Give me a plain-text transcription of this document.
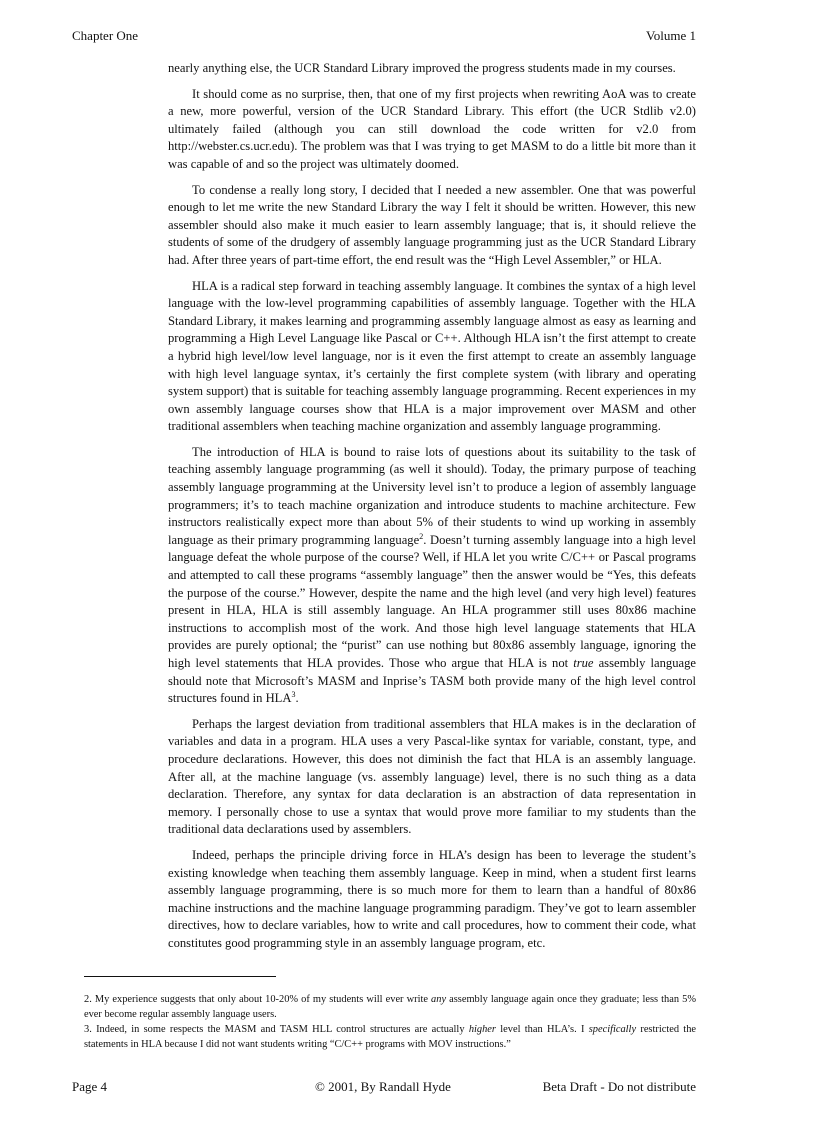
Chapter One	Volume 1

nearly anything else, the UCR Standard Library improved the progress students made in my courses.

It should come as no surprise, then, that one of my first projects when rewriting AoA was to create a new, more powerful, version of the UCR Standard Library. This effort (the UCR Stdlib v2.0) ultimately failed (although you can still download the code written for v2.0 from http://webster.cs.ucr.edu). The problem was that I was trying to get MASM to do a little bit more than it was capable of and so the project was ultimately doomed.

To condense a really long story, I decided that I needed a new assembler. One that was powerful enough to let me write the new Standard Library the way I felt it should be written. However, this new assembler should also make it much easier to learn assembly language; that is, it should relieve the students of some of the drudgery of assembly language programming just as the UCR Standard Library had. After three years of part-time effort, the end result was the “High Level Assembler,” or HLA.

HLA is a radical step forward in teaching assembly language. It combines the syntax of a high level language with the low-level programming capabilities of assembly language. Together with the HLA Standard Library, it makes learning and programming assembly language almost as easy as learning and programming a High Level Language like Pascal or C++. Although HLA isn’t the first attempt to create a hybrid high level/low level language, nor is it even the first attempt to create an assembly language with high level language syntax, it’s certainly the first complete system (with library and operating system support) that is suitable for teaching assembly language programming. Recent experiences in my own assembly language courses show that HLA is a major improvement over MASM and other traditional assemblers when teaching machine organization and assembly language programming.

The introduction of HLA is bound to raise lots of questions about its suitability to the task of teaching assembly language programming (as well it should). Today, the primary purpose of teaching assembly language programming at the University level isn’t to produce a legion of assembly language programmers; it’s to teach machine organization and introduce students to machine architecture. Few instructors realistically expect more than about 5% of their students to wind up working in assembly language as their primary programming language$^2$. Doesn’t turning assembly language into a high level language defeat the whole purpose of the course? Well, if HLA let you write C/C++ or Pascal programs and attempted to call these programs “assembly language” then the answer would be “Yes, this defeats the purpose of the course.” However, despite the name and the high level (and very high level) features present in HLA, HLA is still assembly language. An HLA programmer still uses 80x86 machine instructions to accomplish most of the work. And those high level language statements that HLA provides are purely optional; the “purist” can use nothing but 80x86 assembly language, ignoring the high level statements that HLA provides. Those who argue that HLA is not true assembly language should note that Microsoft’s MASM and Inprise’s TASM both provide many of the high level control structures found in HLA$^3$.

Perhaps the largest deviation from traditional assemblers that HLA makes is in the declaration of variables and data in a program. HLA uses a very Pascal-like syntax for variable, constant, type, and procedure declarations. However, this does not diminish the fact that HLA is an assembly language. After all, at the machine language (vs. assembly language) level, there is no such thing as a data declaration. Therefore, any syntax for data declaration is an abstraction of data representation in memory. I personally chose to use a syntax that would prove more familiar to my students than the traditional data declarations used by assemblers.

Indeed, perhaps the principle driving force in HLA’s design has been to leverage the student’s existing knowledge when teaching them assembly language. Keep in mind, when a student first learns assembly language programming, there is so much more for them to learn than a handful of 80x86 machine instructions and the machine language programming paradigm. They’ve got to learn assembler directives, how to declare variables, how to write and call procedures, how to comment their code, what constitutes good programming style in an assembly language program, etc.

2. My experience suggests that only about 10-20% of my students will ever write any assembly language again once they graduate; less than 5% ever become regular assembly language users.

3. Indeed, in some respects the MASM and TASM HLL control structures are actually higher level than HLA’s. I specifically restricted the statements in HLA because I did not want students writing “C/C++ programs with MOV instructions.”

Page 4	© 2001, By Randall Hyde	Beta Draft - Do not distribute
